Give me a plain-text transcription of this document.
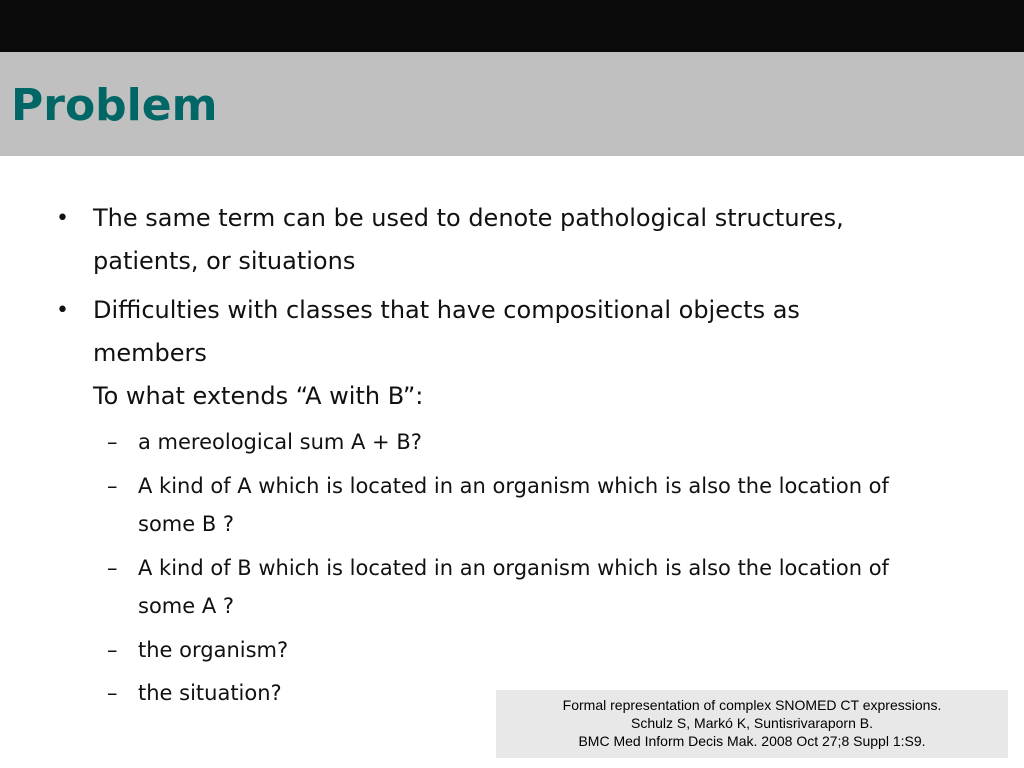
Problem
• The same term can be used to denote pathological structures,
patients, or situations
• Difficulties with classes that have compositional objects as
members
To what extends “A with B”:
– a mereological sum A + B?
– A kind of A which is located in an organism which is also the location of
some B ?
– A kind of B which is located in an organism which is also the location of
some A ?
– the organism?
– the situation?	Formal representation of complex SNOMED CT expressions.
Schulz S, Markó K, Suntisrivaraporn B.
BMC Med Inform Decis Mak. 2008 Oct 27;8 Suppl 1:S9.
